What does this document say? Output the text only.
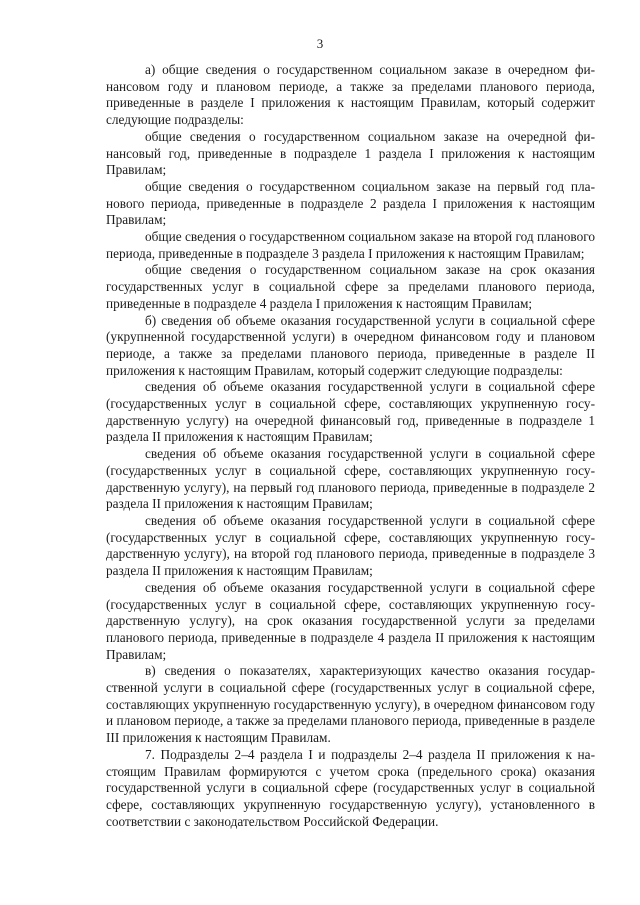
3

а) общие сведения о государственном социальном заказе в очередном финансовом году и плановом периоде, а также за пределами планового периода, приведенные в разделе I приложения к настоящим Правилам, который содержит следующие подразделы:

общие сведения о государственном социальном заказе на очередной финансовый год, приведенные в подразделе 1 раздела I приложения к настоящим Правилам;

общие сведения о государственном социальном заказе на первый год планового периода, приведенные в подразделе 2 раздела I приложения к настоящим Правилам;

общие сведения о государственном социальном заказе на второй год планового периода, приведенные в подразделе 3 раздела I приложения к настоящим Правилам;

общие сведения о государственном социальном заказе на срок оказания государственных услуг в социальной сфере за пределами планового периода, приведенные в подразделе 4 раздела I приложения к настоящим Правилам;

б) сведения об объеме оказания государственной услуги в социальной сфере (укрупненной государственной услуги) в очередном финансовом году и плановом периоде, а также за пределами планового периода, приведенные в разделе II приложения к настоящим Правилам, который содержит следующие подразделы:

сведения об объеме оказания государственной услуги в социальной сфере (государственных услуг в социальной сфере, составляющих укрупненную государственную услугу) на очередной финансовый год, приведенные в подразделе 1 раздела II приложения к настоящим Правилам;

сведения об объеме оказания государственной услуги в социальной сфере (государственных услуг в социальной сфере, составляющих укрупненную государственную услугу), на первый год планового периода, приведенные в подразделе 2 раздела II приложения к настоящим Правилам;

сведения об объеме оказания государственной услуги в социальной сфере (государственных услуг в социальной сфере, составляющих укрупненную государственную услугу), на второй год планового периода, приведенные в подразделе 3 раздела II приложения к настоящим Правилам;

сведения об объеме оказания государственной услуги в социальной сфере (государственных услуг в социальной сфере, составляющих укрупненную государственную услугу), на срок оказания государственной услуги за пределами планового периода, приведенные в подразделе 4 раздела II приложения к настоящим Правилам;

в) сведения о показателях, характеризующих качество оказания государственной услуги в социальной сфере (государственных услуг в социальной сфере, составляющих укрупненную государственную услугу), в очередном финансовом году и плановом периоде, а также за пределами планового периода, приведенные в разделе III приложения к настоящим Правилам.

7. Подразделы 2–4 раздела I и подразделы 2–4 раздела II приложения к настоящим Правилам формируются с учетом срока (предельного срока) оказания государственной услуги в социальной сфере (государственных услуг в социальной сфере, составляющих укрупненную государственную услугу), установленного в соответствии с законодательством Российской Федерации.
